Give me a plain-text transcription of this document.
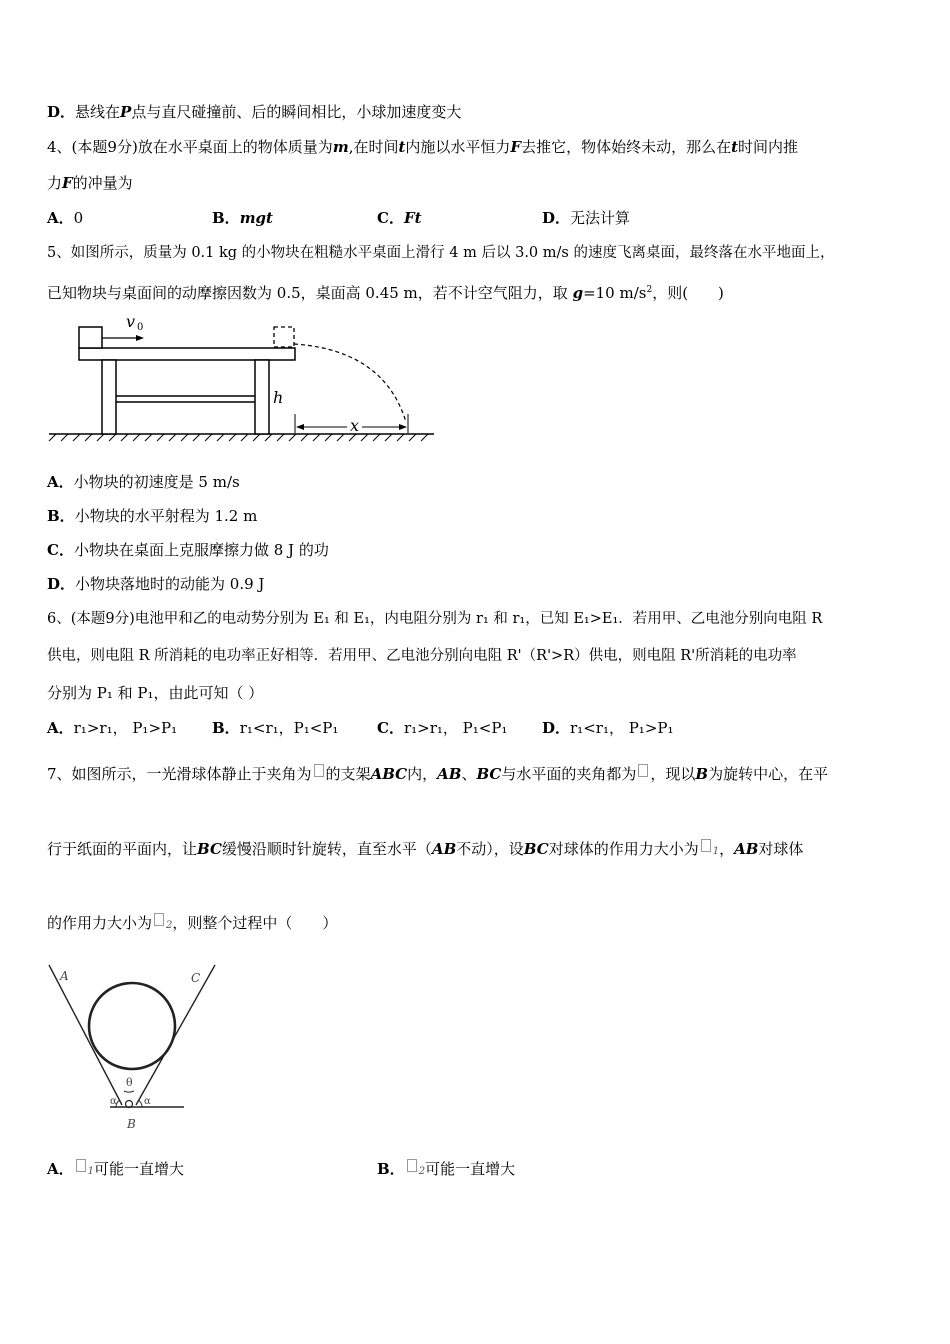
D．悬线在P点与直尺碰撞前、后的瞬间相比，小球加速度变大
4、(本题9分)放在水平桌面上的物体质量为m,在时间t内施以水平恒力F去推它，物体始终未动，那么在t时间内推
力F的冲量为
A．0	B．mgt	C．Ft	D．无法计算
5、如图所示，质量为 0.1 kg 的小物块在粗糙水平桌面上滑行 4 m 后以 3.0 m/s 的速度飞离桌面，最终落在水平地面上，
已知物块与桌面间的动摩擦因数为 0.5，桌面高 0.45 m，若不计空气阻力，取 g=10 $m/s^2$，则(　　)
v 0
h
x
A．小物块的初速度是 5 m/s
B．小物块的水平射程为 1.2 m
C．小物块在桌面上克服摩擦力做 8 J 的功
D．小物块落地时的动能为 0.9 J
6、(本题9分)电池甲和乙的电动势分别为 E₁ 和 E₁，内电阻分别为 r₁ 和 r₁，已知 E₁>E₁．若用甲、乙电池分别向电阻 R
供电，则电阻 R 所消耗的电功率正好相等．若用甲、乙电池分别向电阻 R'（R'>R）供电，则电阻 R'所消耗的电功率
分别为 P₁ 和 P₁，由此可知（ ）
A．r₁>r₁， P₁>P₁ B．r₁<r₁，P₁<P₁	C．r₁>r₁， P₁<P₁ D．r₁<r₁， P₁>P₁
7、如图所示，一光滑球体静止于夹角为 的支架ABC内，AB、BC与水平面的夹角都为 ，现以B为旋转中心，在平
行于纸面的平面内，让BC缓慢沿顺时针旋转，直至水平（AB不动），设BC对球体的作用力大小为 1，AB对球体
的作用力大小为 2，则整个过程中（　　）
A	C
B
θ
α	α
A． 1可能一直增大	B． 2可能一直增大
